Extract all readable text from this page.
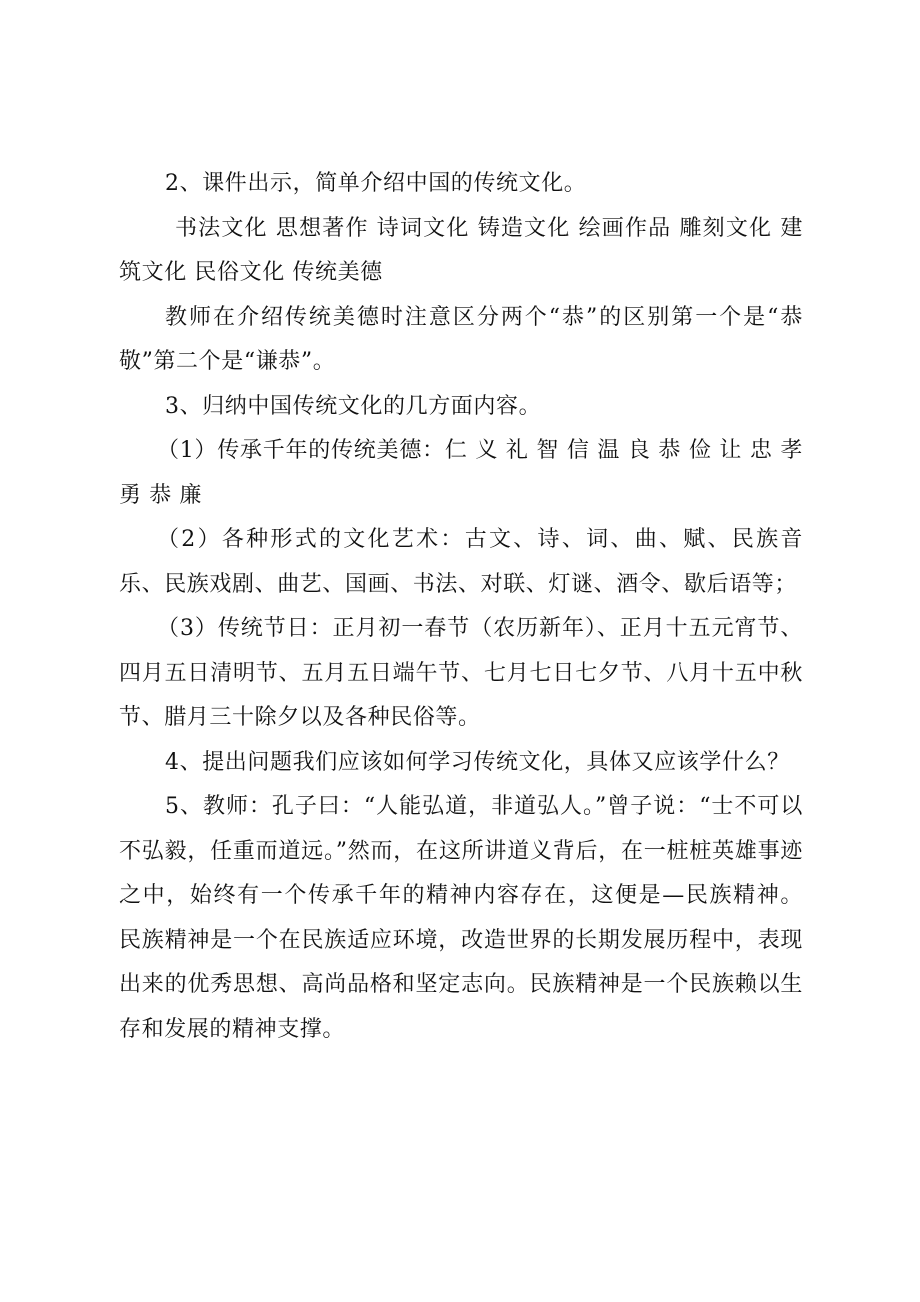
2、课件出示，简单介绍中国的传统文化。

书法文化 思想著作 诗词文化 铸造文化 绘画作品 雕刻文化 建筑文化 民俗文化 传统美德

教师在介绍传统美德时注意区分两个“恭”的区别第一个是“恭敬”第二个是“谦恭”。

3、归纳中国传统文化的几方面内容。

（1）传承千年的传统美德：仁 义 礼 智 信 温 良 恭 俭 让 忠 孝 勇 恭 廉

（2）各种形式的文化艺术：古文、诗、词、曲、赋、民族音乐、民族戏剧、曲艺、国画、书法、对联、灯谜、酒令、歇后语等；

（3）传统节日：正月初一春节（农历新年）、正月十五元宵节、四月五日清明节、五月五日端午节、七月七日七夕节、八月十五中秋节、腊月三十除夕以及各种民俗等。

4、提出问题我们应该如何学习传统文化，具体又应该学什么？

5、教师：孔子曰：“人能弘道，非道弘人。”曾子说：“士不可以不弘毅，任重而道远。”然而，在这所讲道义背后，在一桩桩英雄事迹之中，始终有一个传承千年的精神内容存在，这便是—民族精神。 民族精神是一个在民族适应环境，改造世界的长期发展历程中，表现出来的优秀思想、高尚品格和坚定志向。民族精神是一个民族赖以生存和发展的精神支撑。
